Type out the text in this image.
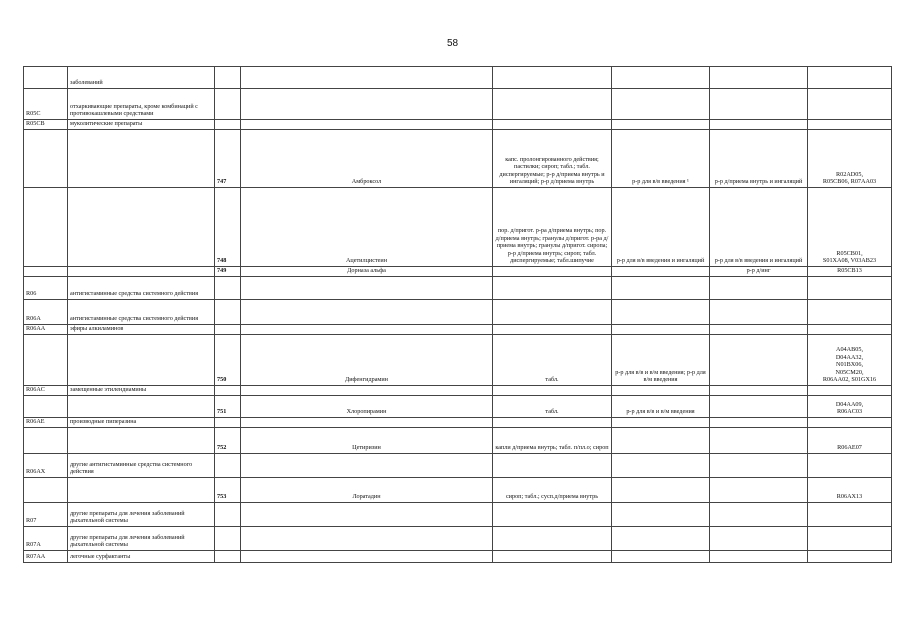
58
	заболеваний						
R05C	отхаркивающие препараты, кроме комбинаций с противокашлевыми средствами						
R05CB	муколитические препараты						
		747	Амброксол	капс. пролонгированного действия; пастилки; сироп; табл.; табл. диспергируемые; р-р д/приема внутрь и ингаляций; р-р д/приема внутрь	р-р для в/в введения ¹	р-р д/приема внутрь и ингаляций	R02AD05,
R05CB06, R07AA03
		748	Ацетилцистеин	пор. д/пригот. р-ра д/приема внутрь; пор. д/приема внутрь; гранулы д/пригот. р-ра д/приема внутрь; гранулы д/пригот. сиропа; р-р д/приема внутрь; сироп; табл. диспергируемые; табл.шипучие	р-р для в/в введения и ингаляций	р-р для в/в введения и ингаляций	R05CB01,
S01XA08, V03AB23
		749	Дорназа альфа			р-р д/инг	R05CB13
R06	антигистаминные средства системного действия						
R06A	антигистаминные средства системного действия						
R06AA	эфиры алкиламинов						
		750	Дифенгидрамин	табл.	р-р для в/в и в/м введения; р-р для в/м введения		A04AB05,
D04AA32,
N01BX06,
N05CM20,
R06AA02, S01GX16
R06AC	замещенные этилендиамины						
		751	Хлоропирамин	табл.	р-р для в/в и в/м введения		D04AA09,
R06AC03
R06AE	производные пиперазина						
		752	Цетиризин	капли д/приема внутрь; табл. п/пл.о; сироп			R06AE07
R06AX	другие антигистаминные средства системного действия						
		753	Лоратадин	сироп; табл.; сусп.д/приема внутрь			R06AX13
R07	другие препараты для лечения заболеваний дыхательной системы						
R07A	другие препараты для лечения заболеваний дыхательной системы						
R07AA	легочные сурфактанты						
